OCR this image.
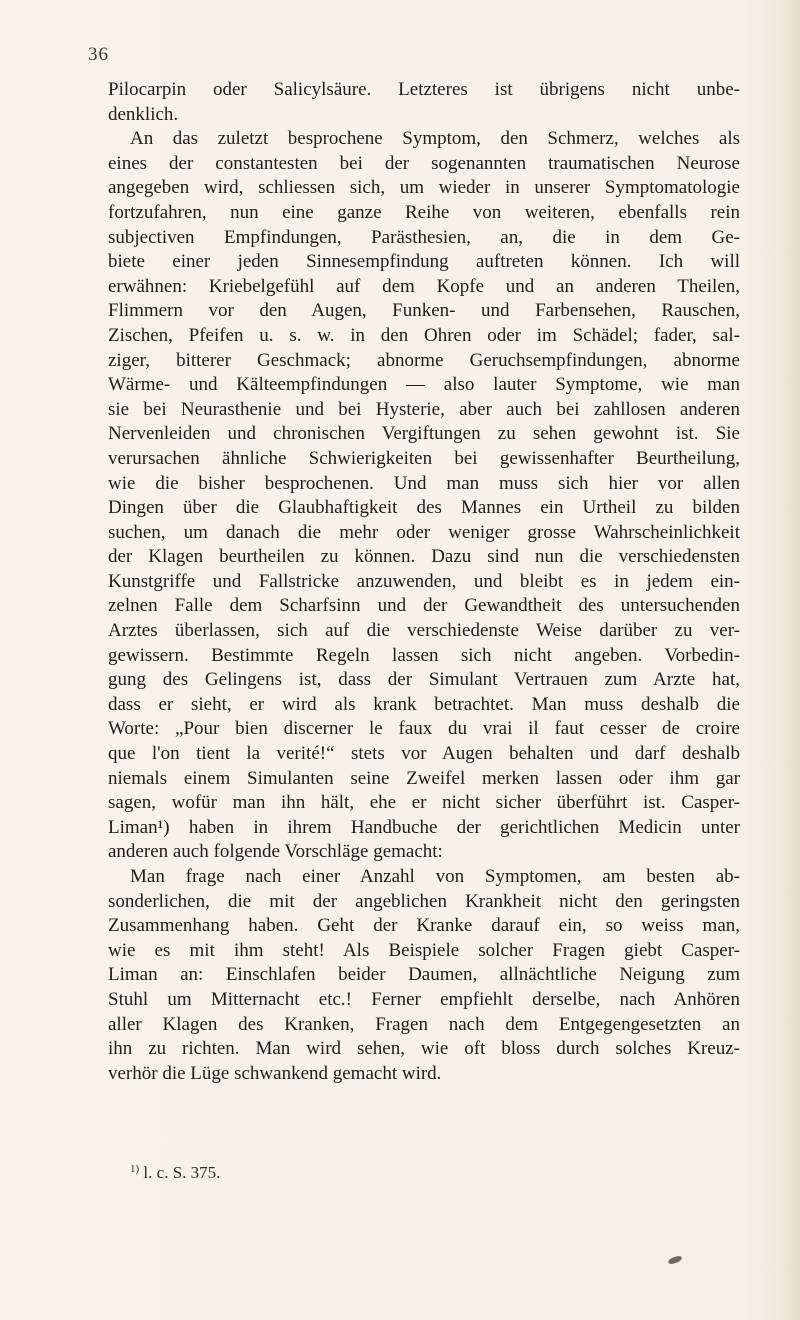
36
Pilocarpin oder Salicylsäure. Letzteres ist übrigens nicht unbe-
denklich.
An das zuletzt besprochene Symptom, den Schmerz, welches als
eines der constantesten bei der sogenannten traumatischen Neurose
angegeben wird, schliessen sich, um wieder in unserer Symptomatologie
fortzufahren, nun eine ganze Reihe von weiteren, ebenfalls rein
subjectiven Empfindungen, Parästhesien, an, die in dem Ge-
biete einer jeden Sinnesempfindung auftreten können. Ich will
erwähnen: Kriebelgefühl auf dem Kopfe und an anderen Theilen,
Flimmern vor den Augen, Funken- und Farbensehen, Rauschen,
Zischen, Pfeifen u. s. w. in den Ohren oder im Schädel; fader, sal-
ziger, bitterer Geschmack; abnorme Geruchsempfindungen, abnorme
Wärme- und Kälteempfindungen — also lauter Symptome, wie man
sie bei Neurasthenie und bei Hysterie, aber auch bei zahllosen anderen
Nervenleiden und chronischen Vergiftungen zu sehen gewohnt ist. Sie
verursachen ähnliche Schwierigkeiten bei gewissenhafter Beurtheilung,
wie die bisher besprochenen. Und man muss sich hier vor allen
Dingen über die Glaubhaftigkeit des Mannes ein Urtheil zu bilden
suchen, um danach die mehr oder weniger grosse Wahrscheinlichkeit
der Klagen beurtheilen zu können. Dazu sind nun die verschiedensten
Kunstgriffe und Fallstricke anzuwenden, und bleibt es in jedem ein-
zelnen Falle dem Scharfsinn und der Gewandtheit des untersuchenden
Arztes überlassen, sich auf die verschiedenste Weise darüber zu ver-
gewissern. Bestimmte Regeln lassen sich nicht angeben. Vorbedin-
gung des Gelingens ist, dass der Simulant Vertrauen zum Arzte hat,
dass er sieht, er wird als krank betrachtet. Man muss deshalb die
Worte: „Pour bien discerner le faux du vrai il faut cesser de croire
que l'on tient la verité!“ stets vor Augen behalten und darf deshalb
niemals einem Simulanten seine Zweifel merken lassen oder ihm gar
sagen, wofür man ihn hält, ehe er nicht sicher überführt ist. Casper-
Liman¹) haben in ihrem Handbuche der gerichtlichen Medicin unter
anderen auch folgende Vorschläge gemacht:
Man frage nach einer Anzahl von Symptomen, am besten ab-
sonderlichen, die mit der angeblichen Krankheit nicht den geringsten
Zusammenhang haben. Geht der Kranke darauf ein, so weiss man,
wie es mit ihm steht! Als Beispiele solcher Fragen giebt Casper-
Liman an: Einschlafen beider Daumen, allnächtliche Neigung zum
Stuhl um Mitternacht etc.! Ferner empfiehlt derselbe, nach Anhören
aller Klagen des Kranken, Fragen nach dem Entgegengesetzten an
ihn zu richten. Man wird sehen, wie oft bloss durch solches Kreuz-
verhör die Lüge schwankend gemacht wird.
$^{1)}$ l. c. S. 375.
